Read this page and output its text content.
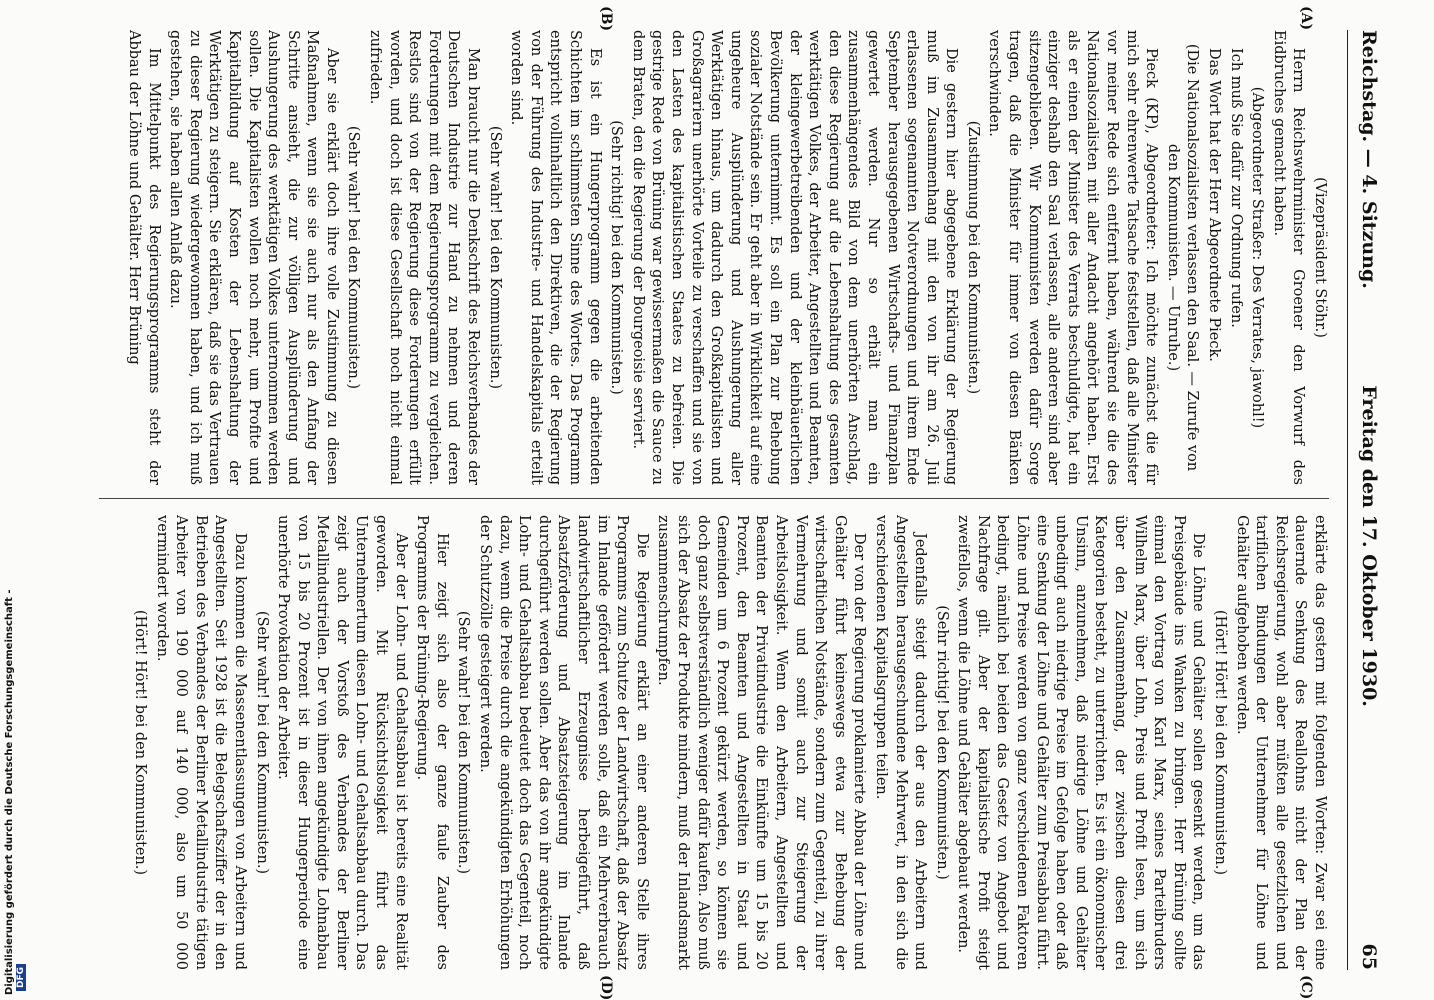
Reichstag. — 4. Sitzung.
Freitag den 17. Oktober 1930. 65
(A)
(B)
(C)
(D)

(Vizepräsident Stöhr.)

Herrn Reichswehrminister Groener den Vorwurf des Eidbruches gemacht haben.

(Abgeordneter Straßer: Des Verrates, jawohl!)

Ich muß Sie dafür zur Ordnung rufen.

Das Wort hat der Herr Abgeordnete Pieck.

(Die Nationalsozialisten verlassen den Saal. — Zurufe von den Kommunisten. — Unruhe.)

Pieck (KP), Abgeordneter: Ich möchte zunächst die für mich sehr ehrenwerte Tatsache feststellen, daß alle Minister vor meiner Rede sich entfernt haben, während sie die des Nationalsozialisten mit aller Andacht angehört haben. Erst als er einen der Minister des Verrats beschuldigte, hat ein einziger deshalb den Saal verlassen, alle anderen sind aber sitzengeblieben. Wir Kommunisten werden dafür Sorge tragen, daß die Minister für immer von diesen Bänken verschwinden.

(Zustimmung bei den Kommunisten.)

Die gestern hier abgegebene Erklärung der Regierung muß im Zusammenhang mit den von ihr am 26. Juli erlassenen sogenannten Notverordnungen und ihrem Ende September herausgegebenen Wirtschafts- und Finanzplan gewertet werden. Nur so erhält man ein zusammenhängendes Bild von dem unerhörten Anschlag, den diese Regierung auf die Lebenshaltung des gesamten werktätigen Volkes, der Arbeiter, Angestellten und Beamten, der kleingewerbetreibenden und der kleinbäuerlichen Bevölkerung unternimmt. Es soll ein Plan zur Behebung sozialer Notstände sein. Er geht aber in Wirklichkeit auf eine ungeheure Ausplünderung und Aushungerung aller Werktätigen hinaus, um dadurch den Großkapitalisten und Großagrariern unerhörte Vorteile zu verschaffen und sie von den Lasten des kapitalistischen Staates zu befreien. Die gestrige Rede von Brüning war gewissermaßen die Sauce zu dem Braten, den die Regierung der Bourgeoisie serviert.

(Sehr richtig! bei den Kommunisten.)

Es ist ein Hungerprogramm gegen die arbeitenden Schichten im schlimmsten Sinne des Wortes. Das Programm entspricht vollinhaltlich den Direktiven, die der Regierung von der Führung des Industrie- und Handelskapitals erteilt worden sind.

(Sehr wahr! bei den Kommunisten.)

Man braucht nur die Denkschrift des Reichsverbandes der Deutschen Industrie zur Hand zu nehmen und deren Forderungen mit dem Regierungsprogramm zu vergleichen. Restlos sind von der Regierung diese Forderungen erfüllt worden, und doch ist diese Gesellschaft noch nicht einmal zufrieden.

(Sehr wahr! bei den Kommunisten.)

Aber sie erklärt doch ihre volle Zustimmung zu diesen Maßnahmen, wenn sie sie auch nur als den Anfang der Schritte ansieht, die zur völligen Ausplünderung und Aushungerung des werktätigen Volkes unternommen werden sollen. Die Kapitalisten wollen noch mehr, um Profite und Kapitalbildung auf Kosten der Lebenshaltung der Werktätigen zu steigern. Sie erklären, daß sie das Vertrauen zu dieser Regierung wiedergewonnen haben, und ich muß gestehen, sie haben allen Anlaß dazu.

Im Mittelpunkt des Regierungsprogramms steht der Abbau der Löhne und Gehälter. Herr Brüning

erklärte das gestern mit folgenden Worten: Zwar sei eine dauernde Senkung des Reallohns nicht der Plan der Reichsregierung, wohl aber müßten alle gesetzlichen und tariflichen Bindungen der Unternehmer für Löhne und Gehälter aufgehoben werden.

(Hört! Hört! bei den Kommunisten.)

Die Löhne und Gehälter sollen gesenkt werden, um das Preisgebäude ins Wanken zu bringen. Herr Brüning sollte einmal den Vortrag von Karl Marx, seines Parteibruders Wilhelm Marx, über Lohn, Preis und Profit lesen, um sich über den Zusammenhang, der zwischen diesen drei Kategorien besteht, zu unterrichten. Es ist ein ökonomischer Unsinn, anzunehmen, daß niedrige Löhne und Gehälter unbedingt auch niedrige Preise im Gefolge haben oder daß eine Senkung der Löhne und Gehälter zum Preisabbau führt. Löhne und Preise werden von ganz verschiedenen Faktoren bedingt, nämlich bei beiden das Gesetz von Angebot und Nachfrage gilt. Aber der kapitalistische Profit steigt zweifellos, wenn die Löhne und Gehälter abgebaut werden.

(Sehr richtig! bei den Kommunisten.)

Jedenfalls steigt dadurch der aus den Arbeitern und Angestellten herausgeschundene Mehrwert, in den sich die verschiedenen Kapitalsgruppen teilen.

Der von der Regierung proklamierte Abbau der Löhne und Gehälter führt keineswegs etwa zur Behebung der wirtschaftlichen Notstände, sondern zum Gegenteil, zu ihrer Vermehrung und somit auch zur Steigerung der Arbeitslosigkeit. Wenn den Arbeitern, Angestellten und Beamten der Privatindustrie die Einkünfte um 15 bis 20 Prozent, den Beamten und Angestellten in Staat und Gemeinden um 6 Prozent gekürzt werden, so können sie doch ganz selbstverständlich weniger dafür kaufen. Also muß sich der Absatz der Produkte mindern, muß der Inlandsmarkt zusammenschrumpfen.

Die Regierung erklärt an einer anderen Stelle ihres Programms zum Schutze der Landwirtschaft, daß der Absatz im Inlande gefördert werden solle, daß ein Mehrverbrauch landwirtschaftlicher Erzeugnisse herbeigeführt, daß Absatzförderung und Absatzsteigerung im Inlande durchgeführt werden sollen. Aber das von ihr angekündigte Lohn- und Gehaltsabbau bedeutet doch das Gegenteil, noch dazu, wenn die Preise durch die angekündigten Erhöhungen der Schutzzölle gesteigert werden.

(Sehr wahr! bei den Kommunisten.)

Hier zeigt sich also der ganze faule Zauber des Programms der Brüning-Regierung.

Aber der Lohn- und Gehaltsabbau ist bereits eine Realität geworden. Mit Rücksichtslosigkeit führt das Unternehmertum diesen Lohn- und Gehaltsabbau durch. Das zeigt auch der Vorstoß des Verbandes der Berliner Metallindustriellen. Der von ihnen angekündigte Lohnabbau von 15 bis 20 Prozent ist in dieser Hungerperiode eine unerhörte Provokation der Arbeiter.

(Sehr wahr! bei den Kommunisten.)

Dazu kommen die Massenentlassungen von Arbeitern und Angestellten. Seit 1928 ist die Belegschaftsziffer der in den Betrieben des Verbandes der Berliner Metallindustrie tätigen Arbeiter von 190 000 auf 140 000, also um 50 000 vermindert worden.

(Hört! Hört! bei den Kommunisten.)

Digitalisierung gefördert durch die Deutsche Forschungsgemeinschaft -DFG
